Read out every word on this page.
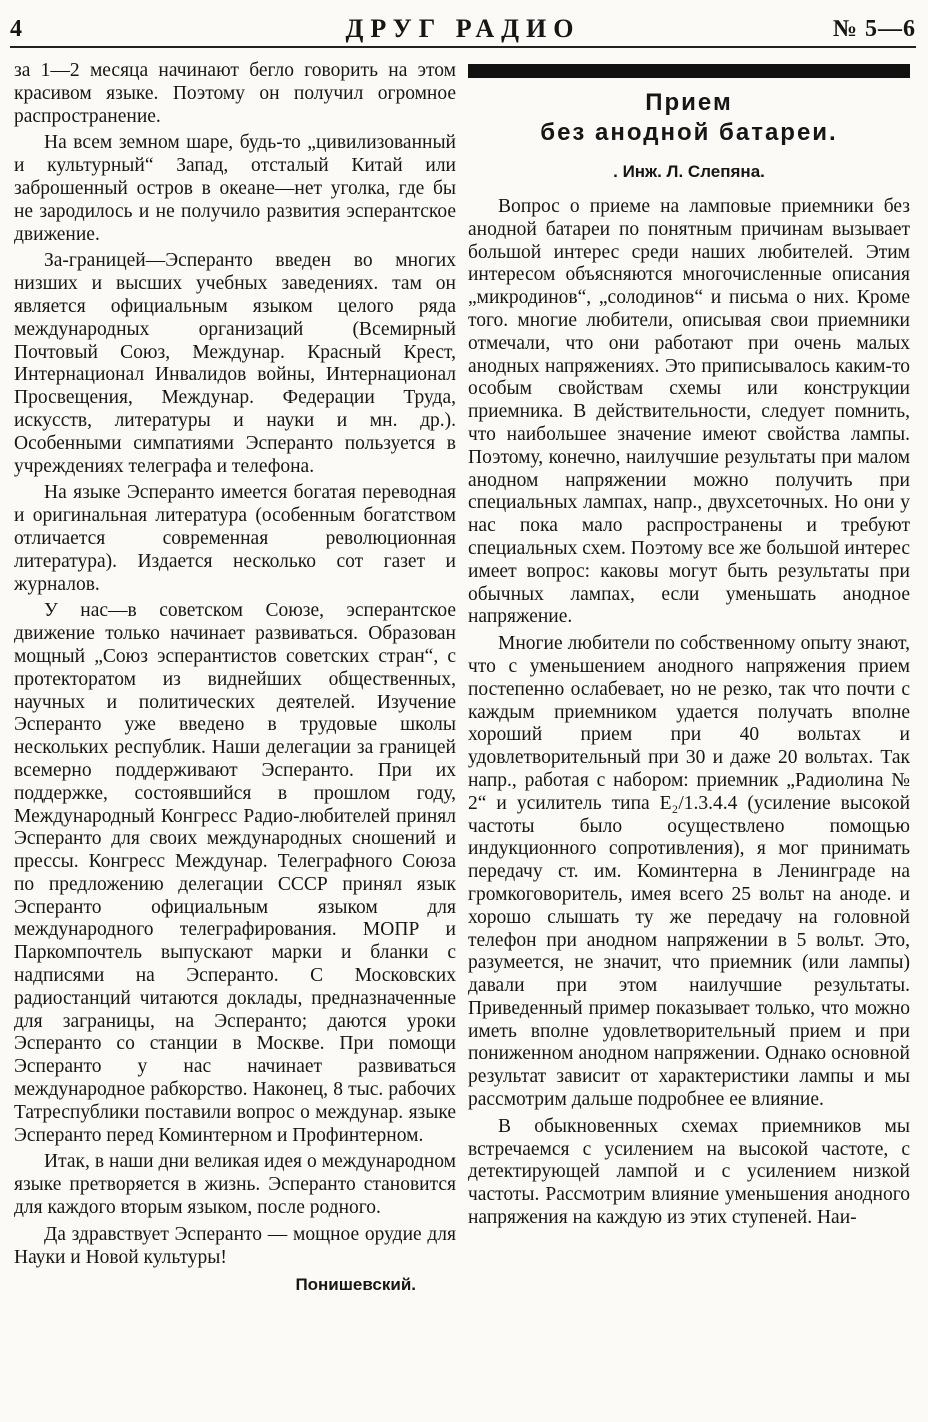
4	ДРУГ РАДИО	№ 5—6

за 1—2 месяца начинают бегло говорить на этом красивом языке. Поэтому он получил огромное распространение.

На всем земном шаре, будь-то „цивилизованный и культурный“ Запад, отсталый Китай или заброшенный остров в океане—нет уголка, где бы не зародилось и не получило развития эсперантское движение.

За-границей—Эсперанто введен во многих низших и высших учебных заведениях. там он является официальным языком целого ряда международных организаций (Всемирный Почтовый Союз, Междунар. Красный Крест, Интернационал Инвалидов войны, Интернационал Просвещения, Междунар. Федерации Труда, искусств, литературы и науки и мн. др.). Особенными симпатиями Эсперанто пользуется в учреждениях телеграфа и телефона.

На языке Эсперанто имеется богатая переводная и оригинальная литература (особенным богатством отличается современная революционная литература). Издается несколько сот газет и журналов.

У нас—в советском Союзе, эсперантское движение только начинает развиваться. Образован мощный „Союз эсперантистов советских стран“, с протекторатом из виднейших общественных, научных и политических деятелей. Изучение Эсперанто уже введено в трудовые школы нескольких республик. Наши делегации за границей всемерно поддерживают Эсперанто. При их поддержке, состоявшийся в прошлом году, Международный Конгресс Радио-любителей принял Эсперанто для своих международных сношений и прессы. Конгресс Междунар. Телеграфного Союза по предложению делегации СССР принял язык Эсперанто официальным языком для международного телеграфирования. МОПР и Паркомпочтель выпускают марки и бланки с надписями на Эсперанто. С Московских радиостанций читаются доклады, предназначенные для заграницы, на Эсперанто; даются уроки Эсперанто со станции в Москве. При помощи Эсперанто у нас начинает развиваться международное рабкорство. Наконец, 8 тыс. рабочих Татреспублики поставили вопрос о междунар. языке Эсперанто перед Коминтерном и Профинтерном.

Итак, в наши дни великая идея о международном языке претворяется в жизнь. Эсперанто становится для каждого вторым языком, после родного.

Да здравствует Эсперанто — мощное орудие для Науки и Новой культуры!

Понишевский.
Прием
без анодной батареи.
. Инж. Л. Слепяна.

Вопрос о приеме на ламповые приемники без анодной батареи по понятным причинам вызывает большой интерес среди наших любителей. Этим интересом объясняются многочисленные описания „микродинов“, „солодинов“ и письма о них. Кроме того. многие любители, описывая свои приемники отмечали, что они работают при очень малых анодных напряжениях. Это приписывалось каким-то особым свойствам схемы или конструкции приемника. В действительности, следует помнить, что наибольшее значение имеют свойства лампы. Поэтому, конечно, наилучшие результаты при малом анодном напряжении можно получить при специальных лампах, напр., двухсеточных. Но они у нас пока мало распространены и требуют специальных схем. Поэтому все же большой интерес имеет вопрос: каковы могут быть результаты при обычных лампах, если уменьшать анодное напряжение.

Многие любители по собственному опыту знают, что с уменьшением анодного напряжения прием постепенно ослабевает, но не резко, так что почти с каждым приемником удается получать вполне хороший прием при 40 вольтах и удовлетворительный при 30 и даже 20 вольтах. Так напр., работая с набором: приемник „Радиолина № 2“ и усилитель типа E₂/1.3.4.4 (усиление высокой частоты было осуществлено помощью индукционного сопротивления), я мог принимать передачу ст. им. Коминтерна в Ленинграде на громкоговоритель, имея всего 25 вольт на аноде. и хорошо слышать ту же передачу на головной телефон при анодном напряжении в 5 вольт. Это, разумеется, не значит, что приемник (или лампы) давали при этом наилучшие результаты. Приведенный пример показывает только, что можно иметь вполне удовлетворительный прием и при пониженном анодном напряжении. Однако основной результат зависит от характеристики лампы и мы рассмотрим дальше подробнее ее влияние.

В обыкновенных схемах приемников мы встречаемся с усилением на высокой частоте, с детектирующей лампой и с усилением низкой частоты. Рассмотрим влияние уменьшения анодного напряжения на каждую из этих ступеней. Наи-
